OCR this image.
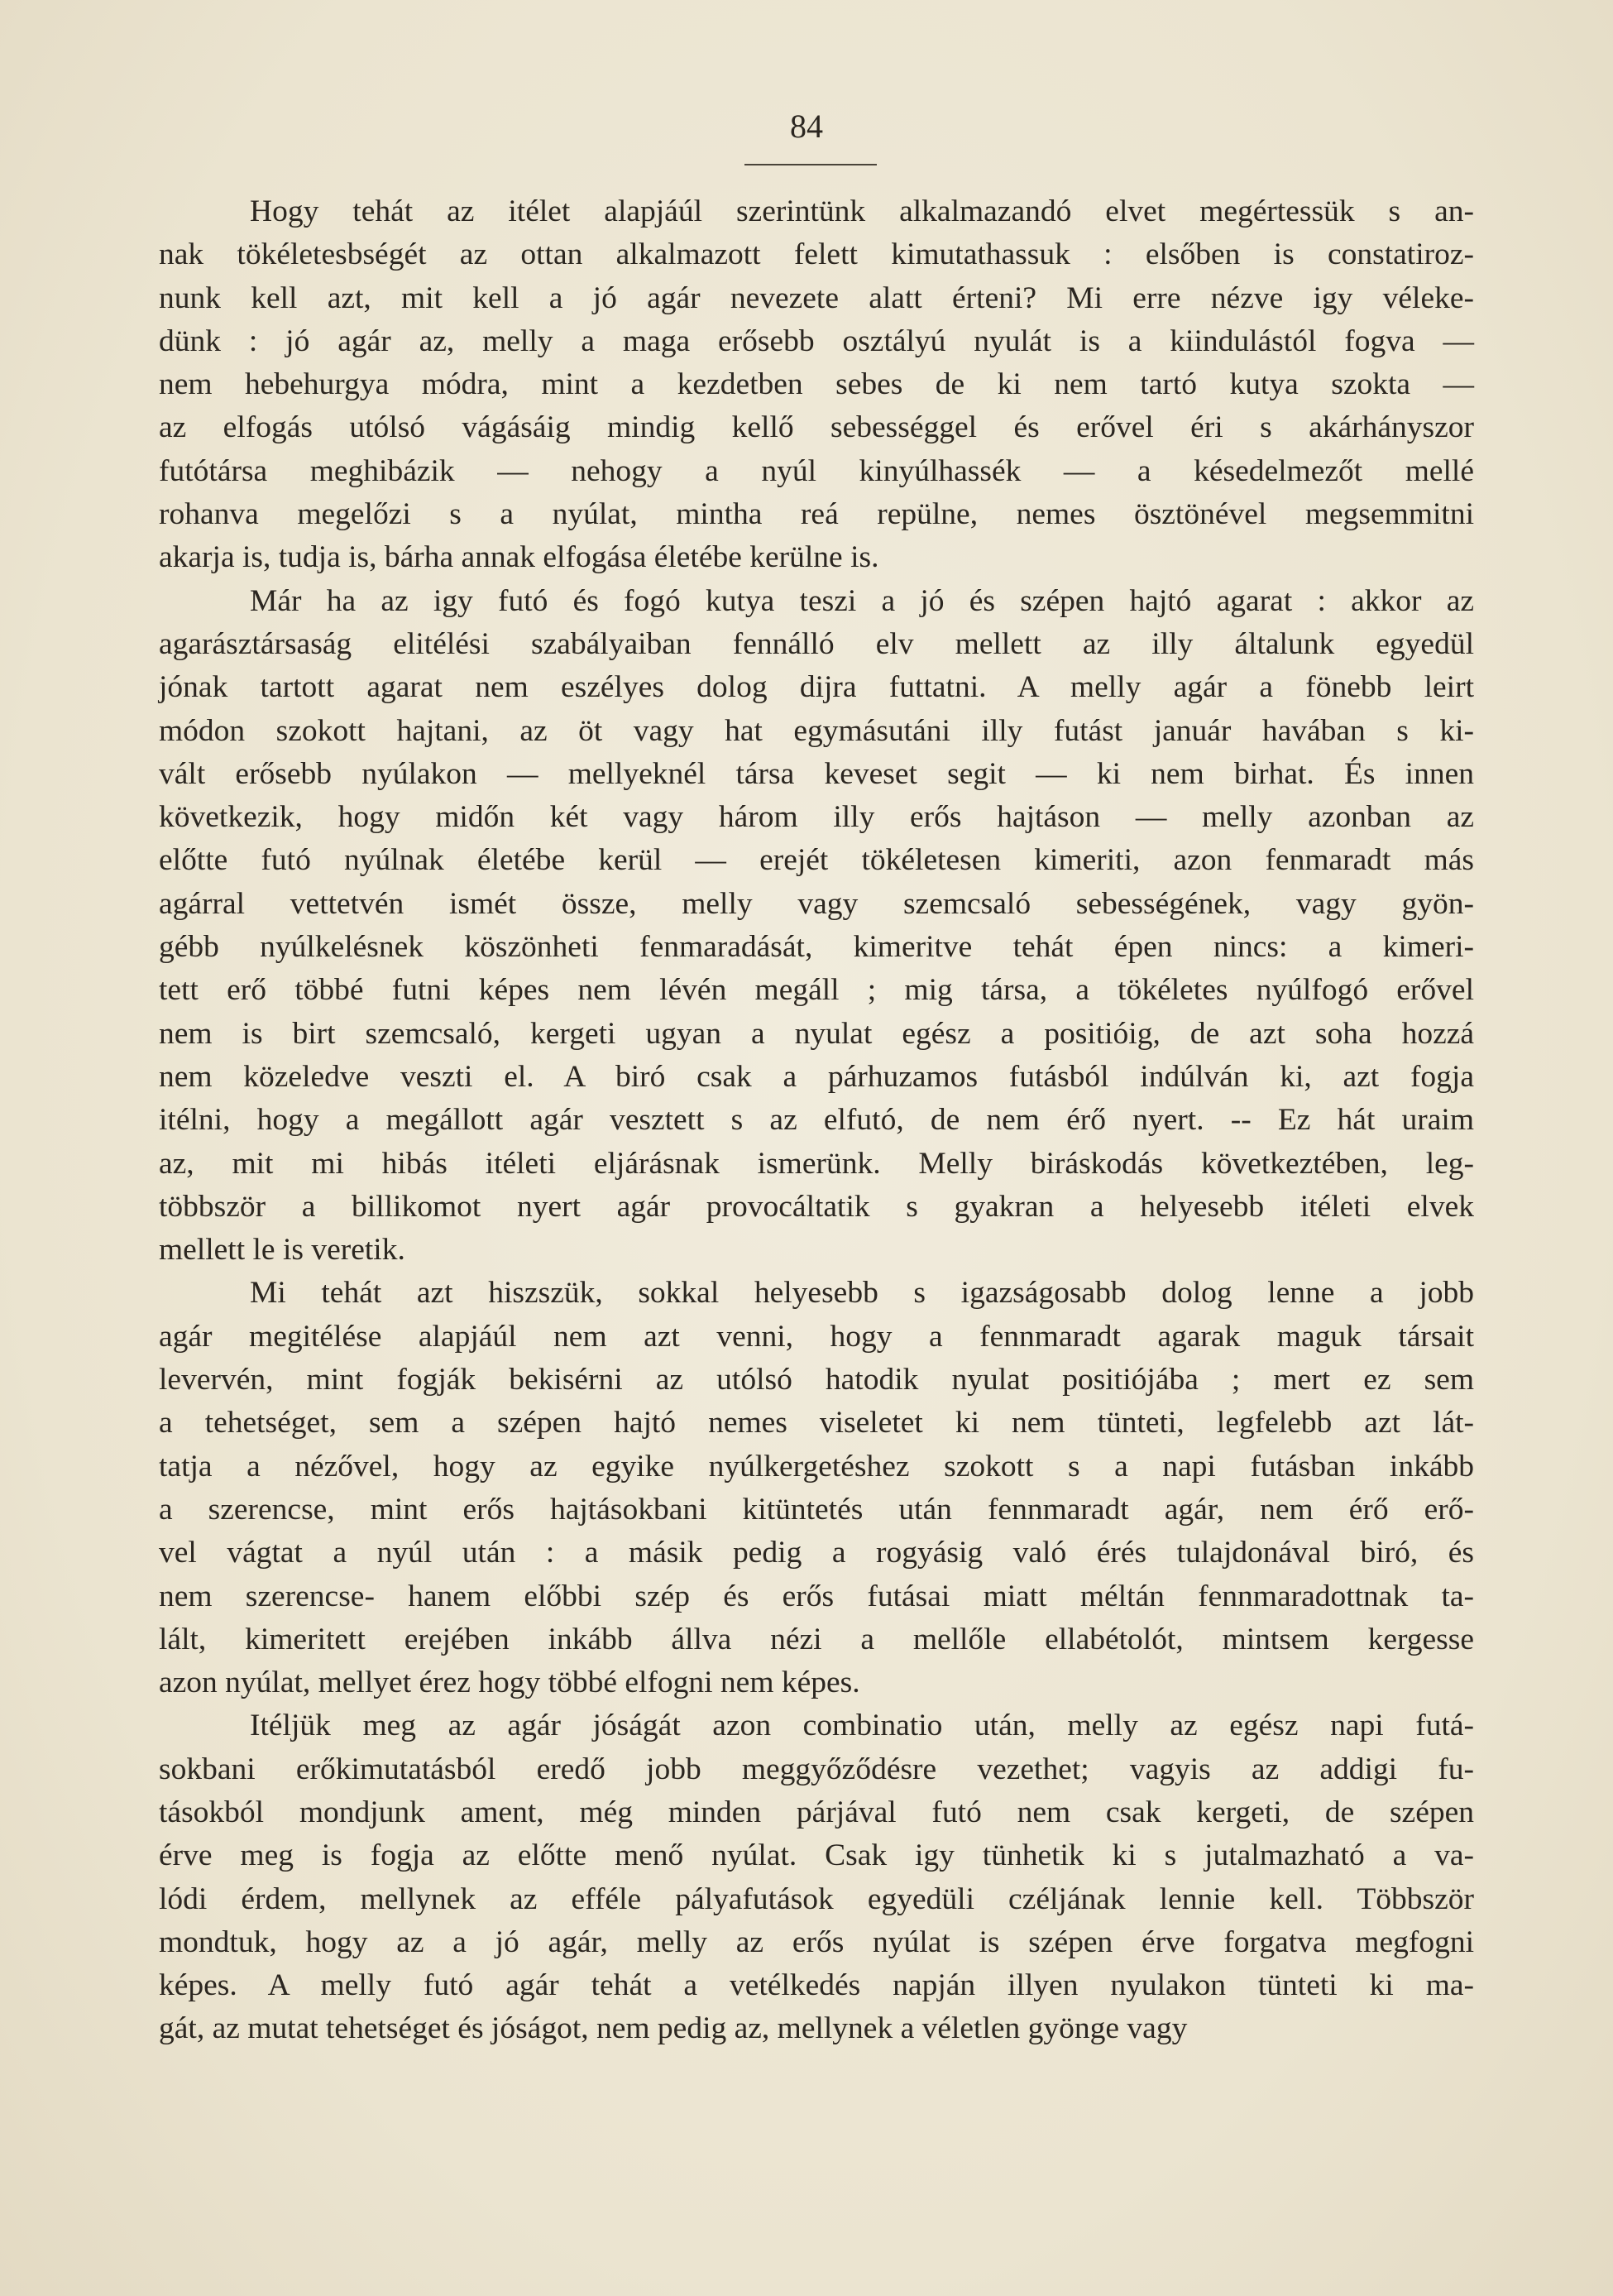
84
Hogy tehát az itélet alapjáúl szerintünk alkalmazandó elvet megértessük s an-
nak tökéletesbségét az ottan alkalmazott felett kimutathassuk : elsőben is constatiroz-
nunk kell azt, mit kell a jó agár nevezete alatt érteni? Mi erre nézve igy véleke-
dünk : jó agár az, melly a maga erősebb osztályú nyulát is a kiindulástól fogva —
nem hebehurgya módra, mint a kezdetben sebes de ki nem tartó kutya szokta —
az elfogás utólsó vágásáig mindig kellő sebességgel és erővel éri s akárhányszor
futótársa meghibázik — nehogy a nyúl kinyúlhassék — a késedelmezőt mellé
rohanva megelőzi s a nyúlat, mintha reá repülne, nemes ösztönével megsemmitni
akarja is, tudja is, bárha annak elfogása életébe kerülne is.
Már ha az igy futó és fogó kutya teszi a jó és szépen hajtó agarat : akkor az
agarásztársaság elitélési szabályaiban fennálló elv mellett az illy általunk egyedül
jónak tartott agarat nem eszélyes dolog dijra futtatni. A melly agár a fönebb leirt
módon szokott hajtani, az öt vagy hat egymásutáni illy futást január havában s ki-
vált erősebb nyúlakon — mellyeknél társa keveset segit — ki nem birhat. És innen
következik, hogy midőn két vagy három illy erős hajtáson — melly azonban az
előtte futó nyúlnak életébe kerül — erejét tökéletesen kimeriti, azon fenmaradt más
agárral vettetvén ismét össze, melly vagy szemcsaló sebességének, vagy gyön-
gébb nyúlkelésnek köszönheti fenmaradását, kimeritve tehát épen nincs: a kimeri-
tett erő többé futni képes nem lévén megáll ; mig társa, a tökéletes nyúlfogó erővel
nem is birt szemcsaló, kergeti ugyan a nyulat egész a positióig, de azt soha hozzá
nem közeledve veszti el. A biró csak a párhuzamos futásból indúlván ki, azt fogja
itélni, hogy a megállott agár vesztett s az elfutó, de nem érő nyert. -- Ez hát uraim
az, mit mi hibás itéleti eljárásnak ismerünk. Melly biráskodás következtében, leg-
többször a billikomot nyert agár provocáltatik s gyakran a helyesebb itéleti elvek
mellett le is veretik.
Mi tehát azt hiszszük, sokkal helyesebb s igazságosabb dolog lenne a jobb
agár megitélése alapjáúl nem azt venni, hogy a fennmaradt agarak maguk társait
levervén, mint fogják bekisérni az utólsó hatodik nyulat positiójába ; mert ez sem
a tehetséget, sem a szépen hajtó nemes viseletet ki nem tünteti, legfelebb azt lát-
tatja a nézővel, hogy az egyike nyúlkergetéshez szokott s a napi futásban inkább
a szerencse, mint erős hajtásokbani kitüntetés után fennmaradt agár, nem érő erő-
vel vágtat a nyúl után : a másik pedig a rogyásig való érés tulajdonával biró, és
nem szerencse- hanem előbbi szép és erős futásai miatt méltán fennmaradottnak ta-
lált, kimeritett erejében inkább állva nézi a mellőle ellabétolót, mintsem kergesse
azon nyúlat, mellyet érez hogy többé elfogni nem képes.
Itéljük meg az agár jóságát azon combinatio után, melly az egész napi futá-
sokbani erőkimutatásból eredő jobb meggyőződésre vezethet; vagyis az addigi fu-
tásokból mondjunk ament, még minden párjával futó nem csak kergeti, de szépen
érve meg is fogja az előtte menő nyúlat. Csak igy tünhetik ki s jutalmazható a va-
lódi érdem, mellynek az efféle pályafutások egyedüli czéljának lennie kell. Többször
mondtuk, hogy az a jó agár, melly az erős nyúlat is szépen érve forgatva megfogni
képes. A melly futó agár tehát a vetélkedés napján illyen nyulakon tünteti ki ma-
gát, az mutat tehetséget és jóságot, nem pedig az, mellynek a véletlen gyönge vagy
